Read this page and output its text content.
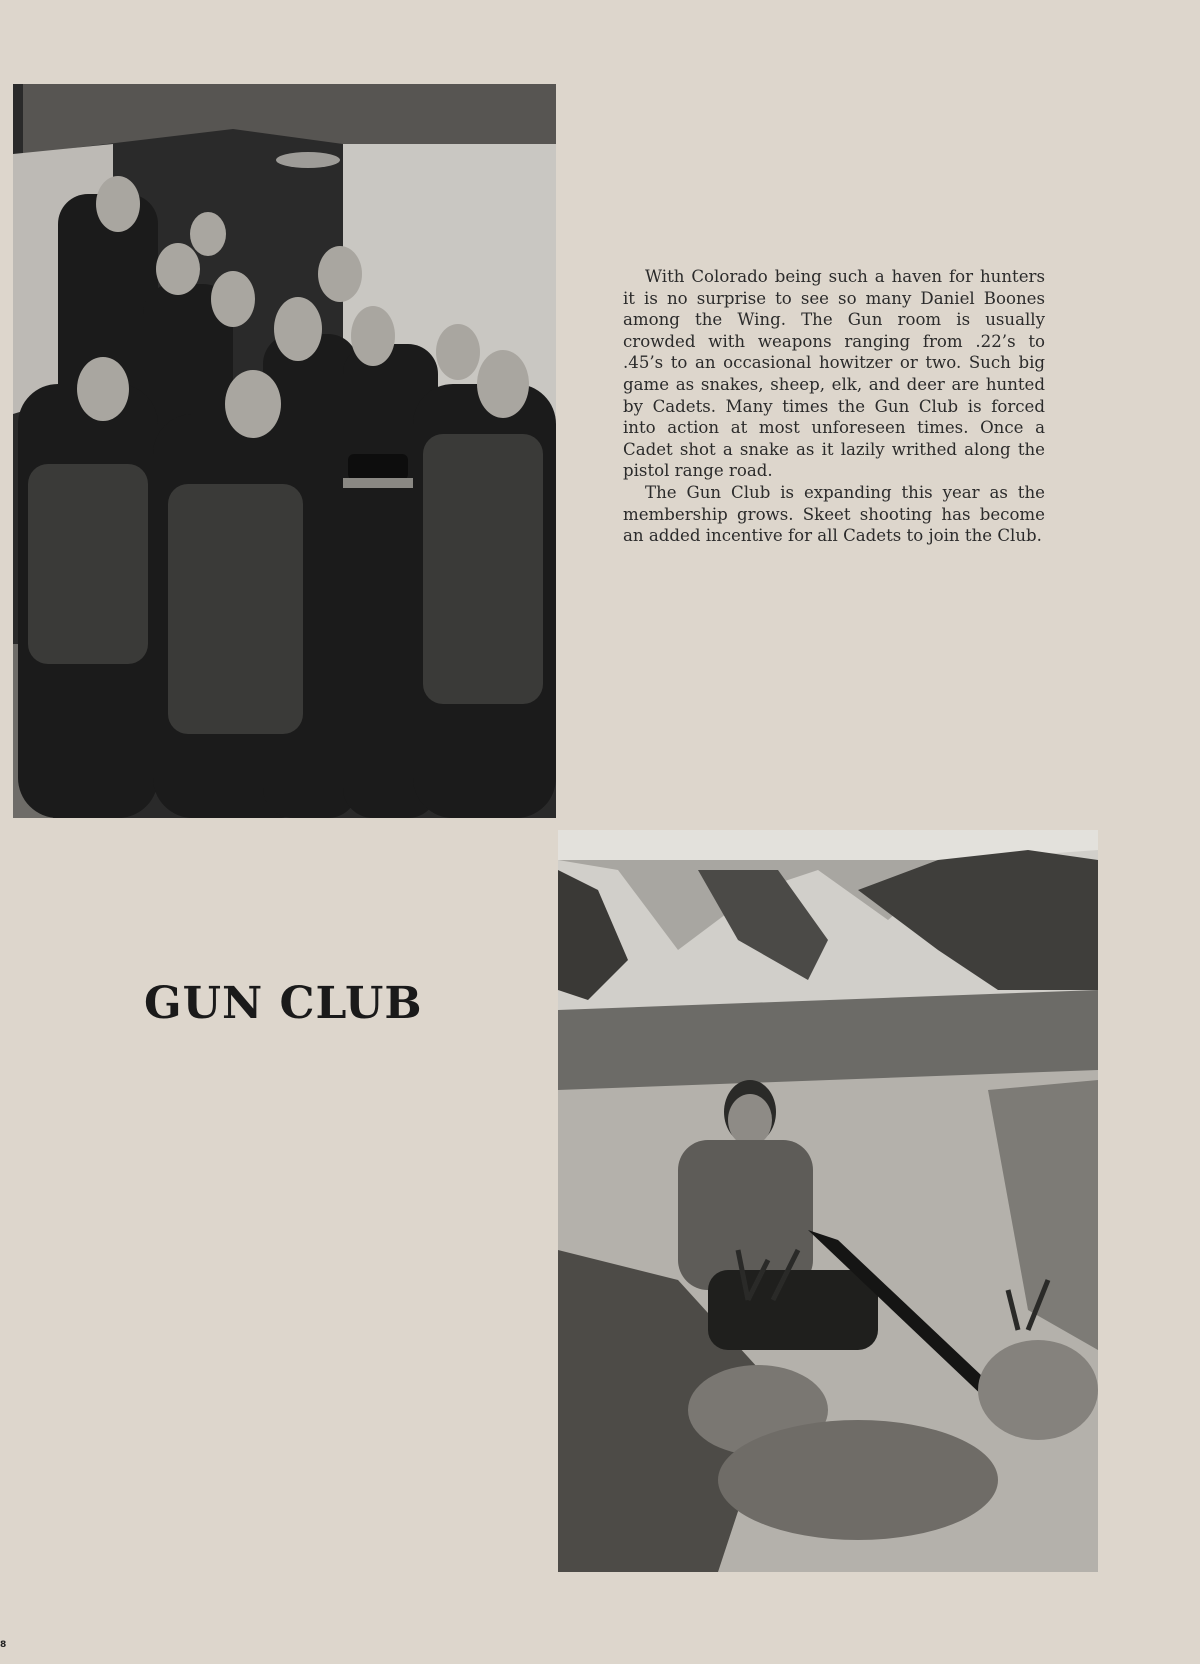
With Colorado being such a haven for hunters it is no surprise to see so many Daniel Boones among the Wing. The Gun room is usually crowded with weapons ranging from .22’s to .45’s to an occasional howitzer or two. Such big game as snakes, sheep, elk, and deer are hunted by Cadets. Many times the Gun Club is forced into action at most unforeseen times. Once a Cadet shot a snake as it lazily writhed along the pistol range road.

The Gun Club is expanding this year as the membership grows. Skeet shooting has become an added incentive for all Cadets to join the Club.

GUN CLUB
8
